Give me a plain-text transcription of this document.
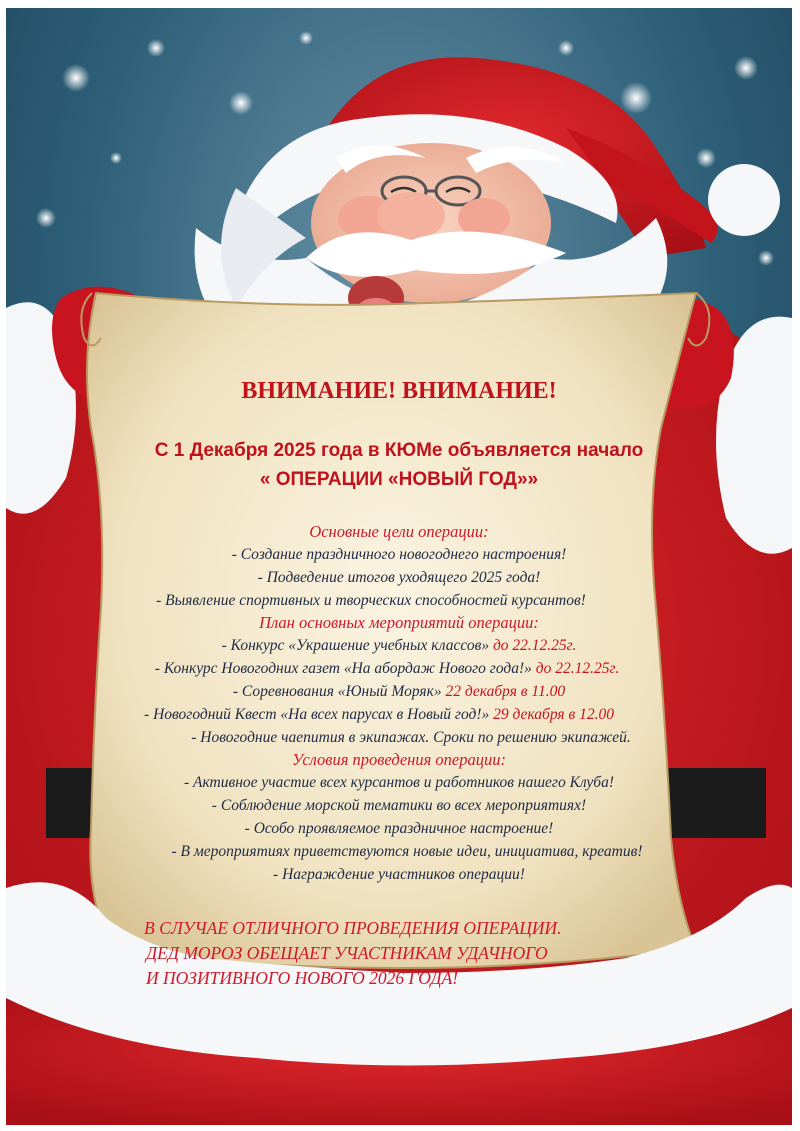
ВНИМАНИЕ! ВНИМАНИЕ!
С 1 Декабря 2025 года в КЮМе объявляется начало
« ОПЕРАЦИИ «НОВЫЙ ГОД»»
Основные цели операции:
- Создание праздничного новогоднего настроения!
- Подведение итогов уходящего 2025 года!
- Выявление спортивных и творческих способностей курсантов!
План основных мероприятий операции:
- Конкурс «Украшение учебных классов» до 22.12.25г.
- Конкурс Новогодних газет «На абордаж Нового года!» до 22.12.25г.
- Соревнования «Юный Моряк» 22 декабря в 11.00
- Новогодний Квест «На всех парусах в Новый год!» 29 декабря в 12.00
- Новогодние чаепития в экипажах. Сроки по решению экипажей.
Условия проведения операции:
- Активное участие всех курсантов и работников нашего Клуба!
- Соблюдение морской тематики во всех мероприятиях!
- Особо проявляемое праздничное настроение!
- В мероприятиях приветствуются новые идеи, инициатива, креатив!
- Награждение участников операции!
В СЛУЧАЕ ОТЛИЧНОГО ПРОВЕДЕНИЯ ОПЕРАЦИИ.
ДЕД МОРОЗ ОБЕЩАЕТ УЧАСТНИКАМ УДАЧНОГО
И ПОЗИТИВНОГО НОВОГО 2026 ГОДА!
